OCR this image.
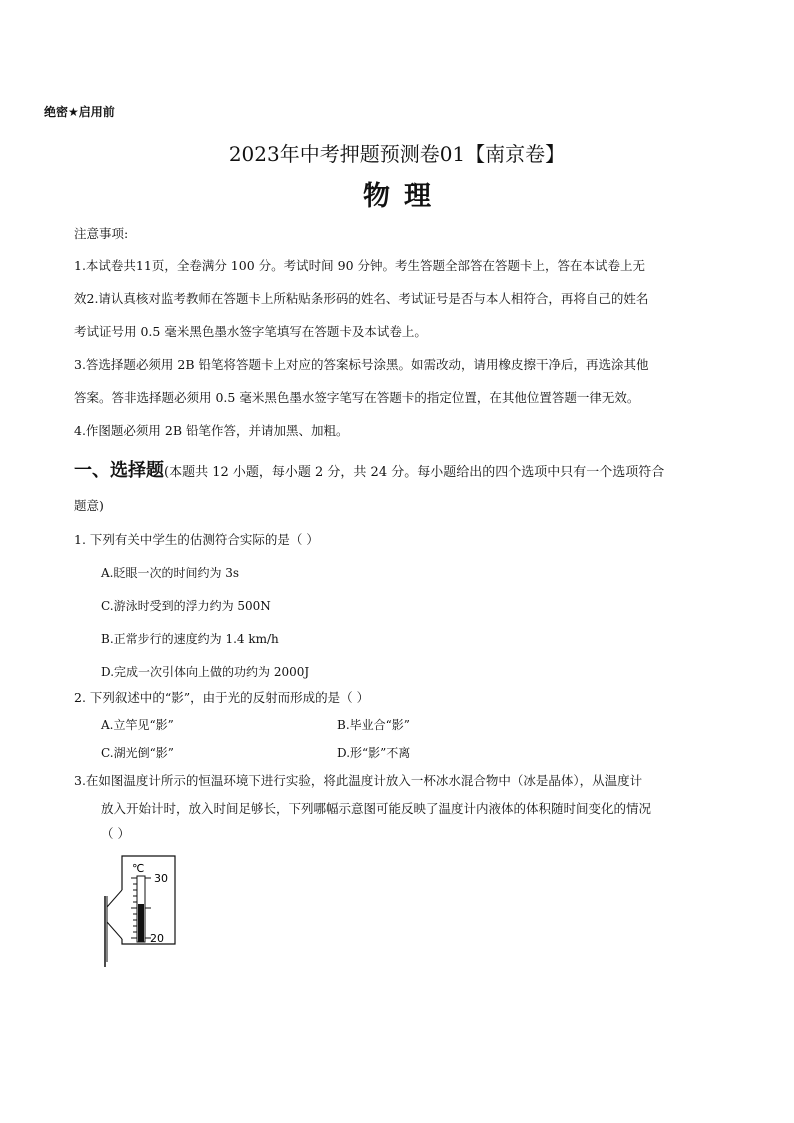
绝密★启用前
2023年中考押题预测卷01【南京卷】
物理
注意事项:
1.本试卷共11页，全卷满分 100 分。考试时间 90 分钟。考生答题全部答在答题卡上，答在本试卷上无
效2.请认真核对监考教师在答题卡上所粘贴条形码的姓名、考试证号是否与本人相符合，再将自己的姓名
考试证号用 0.5 毫米黑色墨水签字笔填写在答题卡及本试卷上。
3.答选择题必须用 2B 铅笔将答题卡上对应的答案标号涂黑。如需改动，请用橡皮擦干净后，再选涂其他
答案。答非选择题必须用 0.5 毫米黑色墨水签字笔写在答题卡的指定位置，在其他位置答题一律无效。
4.作图题必须用 2B 铅笔作答，并请加黑、加粗。
一、选择题(本题共 12 小题，每小题 2 分，共 24 分。每小题给出的四个选项中只有一个选项符合
题意)
1. 下列有关中学生的估测符合实际的是（ ）
A.眨眼一次的时间约为 3s
C.游泳时受到的浮力约为 500N
B.正常步行的速度约为 1.4 km/h
D.完成一次引体向上做的功约为 2000J
2. 下列叙述中的“影”，由于光的反射而形成的是（ ）
A.立竿见“影”	B.毕业合“影”
C.湖光倒“影”	D.形“影”不离
3.在如图温度计所示的恒温环境下进行实验，将此温度计放入一杯冰水混合物中（冰是晶体），从温度计
放入开始计时，放入时间足够长，下列哪幅示意图可能反映了温度计内液体的体积随时间变化的情况
（ ）
℃
30
20
